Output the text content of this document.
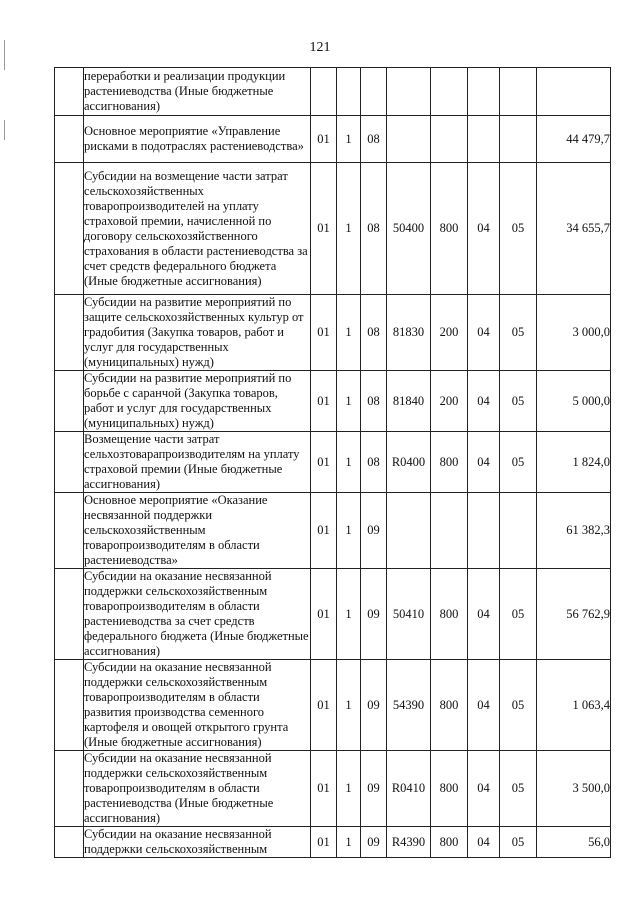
121
	переработки и реализации продукции растениеводства (Иные бюджетные ассигнования)								
	Основное мероприятие «Управление рисками в подотраслях растениеводства»	01	1	08					44 479,7
	Субсидии на возмещение части затрат сельскохозяйственных товаропроизводителей на уплату страховой премии, начисленной по договору сельскохозяйственного страхования в области растениеводства за счет средств федерального бюджета (Иные бюджетные ассигнования)	01	1	08	50400	800	04	05	34 655,7
	Субсидии на развитие мероприятий по защите сельскохозяйственных культур от градобития (Закупка товаров, работ и услуг для государственных (муниципальных) нужд)	01	1	08	81830	200	04	05	3 000,0
	Субсидии на развитие мероприятий по борьбе с саранчой (Закупка товаров, работ и услуг для государственных (муниципальных) нужд)	01	1	08	81840	200	04	05	5 000,0
	Возмещение части затрат сельхозтоварапроизводителям на уплату страховой премии (Иные бюджетные ассигнования)	01	1	08	R0400	800	04	05	1 824,0
	Основное мероприятие «Оказание несвязанной поддержки сельскохозяйственным товаропроизводителям в области растениеводства»	01	1	09					61 382,3
	Субсидии на оказание несвязанной поддержки сельскохозяйственным товаропроизводителям в области растениеводства за счет средств федерального бюджета (Иные бюджетные ассигнования)	01	1	09	50410	800	04	05	56 762,9
	Субсидии на оказание несвязанной поддержки сельскохозяйственным товаропроизводителям в области развития производства семенного картофеля и овощей открытого грунта (Иные бюджетные ассигнования)	01	1	09	54390	800	04	05	1 063,4
	Субсидии на оказание несвязанной поддержки сельскохозяйственным товаропроизводителям в области растениеводства (Иные бюджетные ассигнования)	01	1	09	R0410	800	04	05	3 500,0
	Субсидии на оказание несвязанной поддержки сельскохозяйственным	01	1	09	R4390	800	04	05	56,0
